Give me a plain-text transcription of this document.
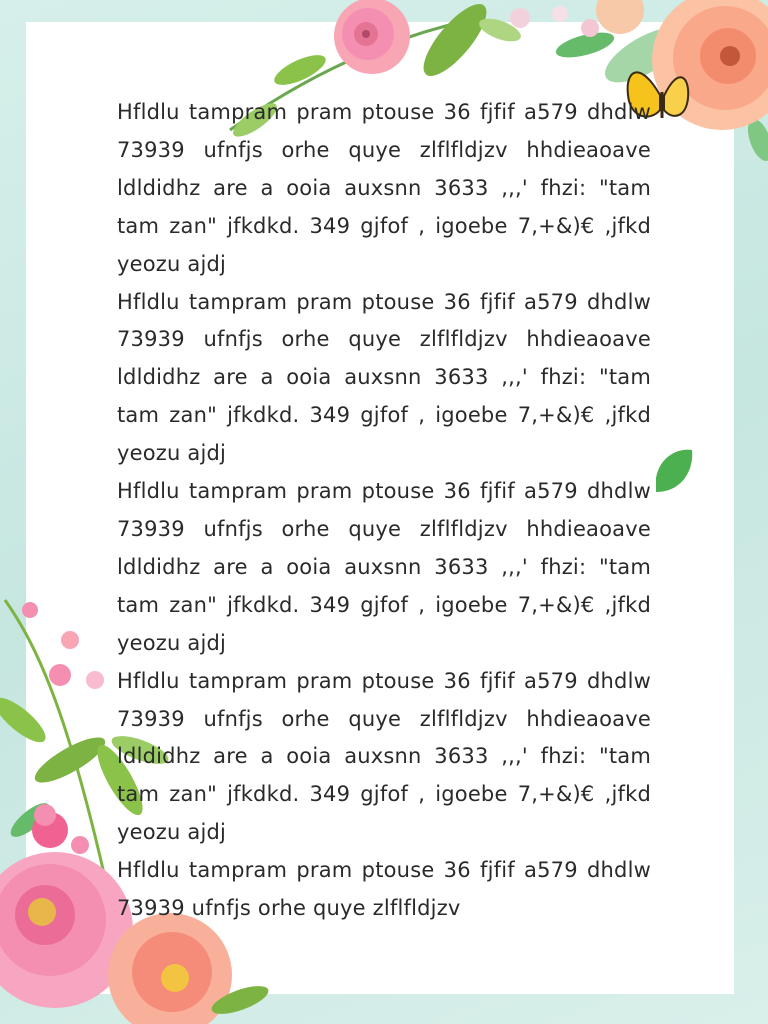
Hfldlu tampram pram ptouse 36 fjfif a579 dhdlw 73939 ufnfjs orhe quye zlflfldjzv hhdieaoave ldldidhz are a ooia auxsnn 3633 ,,,' fhzi: "tam tam zan" jfkdkd. 349 gjfof , igoebe 7,+&)€ ,jfkd yeozu ajdj

Hfldlu tampram pram ptouse 36 fjfif a579 dhdlw 73939 ufnfjs orhe quye zlflfldjzv hhdieaoave ldldidhz are a ooia auxsnn 3633 ,,,' fhzi: "tam tam zan" jfkdkd. 349 gjfof , igoebe 7,+&)€ ,jfkd yeozu ajdj

Hfldlu tampram pram ptouse 36 fjfif a579 dhdlw 73939 ufnfjs orhe quye zlflfldjzv hhdieaoave ldldidhz are a ooia auxsnn 3633 ,,,' fhzi: "tam tam zan" jfkdkd. 349 gjfof , igoebe 7,+&)€ ,jfkd yeozu ajdj

Hfldlu tampram pram ptouse 36 fjfif a579 dhdlw 73939 ufnfjs orhe quye zlflfldjzv hhdieaoave ldldidhz are a ooia auxsnn 3633 ,,,' fhzi: "tam tam zan" jfkdkd. 349 gjfof , igoebe 7,+&)€ ,jfkd yeozu ajdj

Hfldlu tampram pram ptouse 36 fjfif a579 dhdlw 73939 ufnfjs orhe quye zlflfldjzv
